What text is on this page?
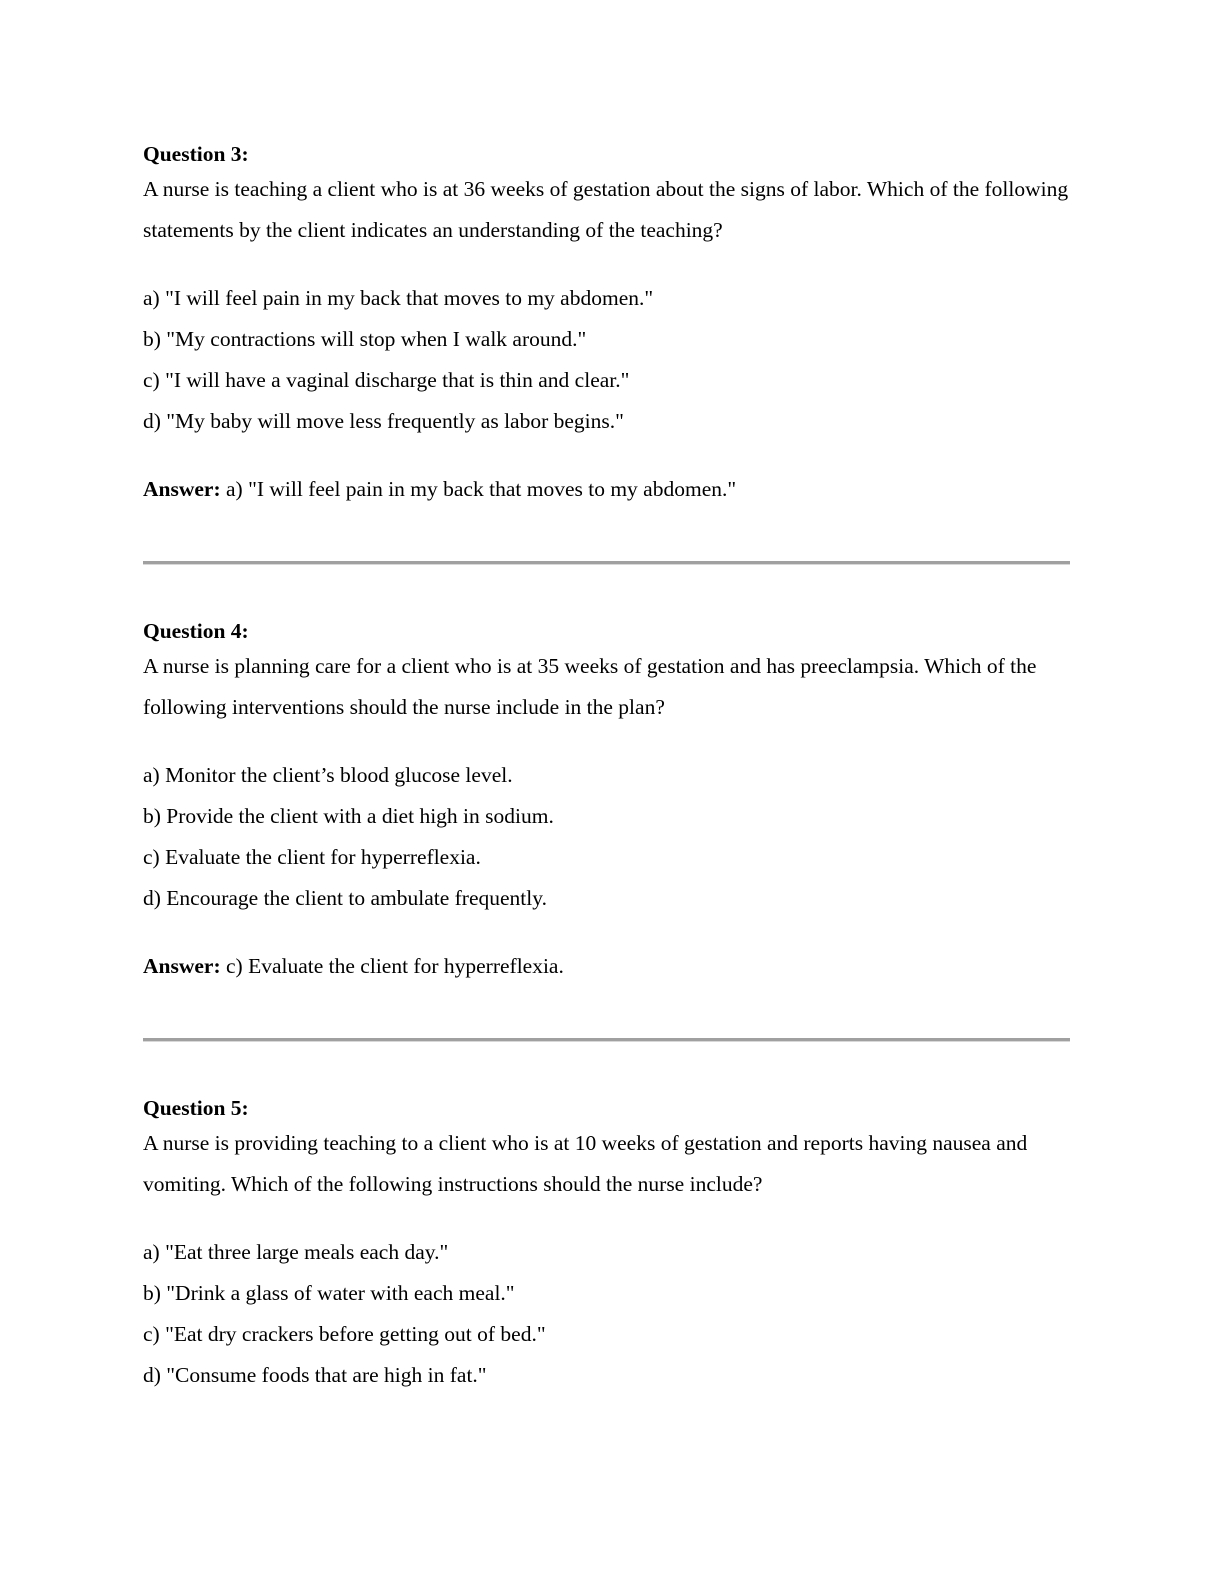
Question 3:

A nurse is teaching a client who is at 36 weeks of gestation about the signs of labor. Which of the following statements by the client indicates an understanding of the teaching?

a) "I will feel pain in my back that moves to my abdomen."
b) "My contractions will stop when I walk around."
c) "I will have a vaginal discharge that is thin and clear."
d) "My baby will move less frequently as labor begins."

Answer: a) "I will feel pain in my back that moves to my abdomen."

Question 4:

A nurse is planning care for a client who is at 35 weeks of gestation and has preeclampsia. Which of the following interventions should the nurse include in the plan?

a) Monitor the client’s blood glucose level.
b) Provide the client with a diet high in sodium.
c) Evaluate the client for hyperreflexia.
d) Encourage the client to ambulate frequently.

Answer: c) Evaluate the client for hyperreflexia.

Question 5:

A nurse is providing teaching to a client who is at 10 weeks of gestation and reports having nausea and vomiting. Which of the following instructions should the nurse include?

a) "Eat three large meals each day."
b) "Drink a glass of water with each meal."
c) "Eat dry crackers before getting out of bed."
d) "Consume foods that are high in fat."
